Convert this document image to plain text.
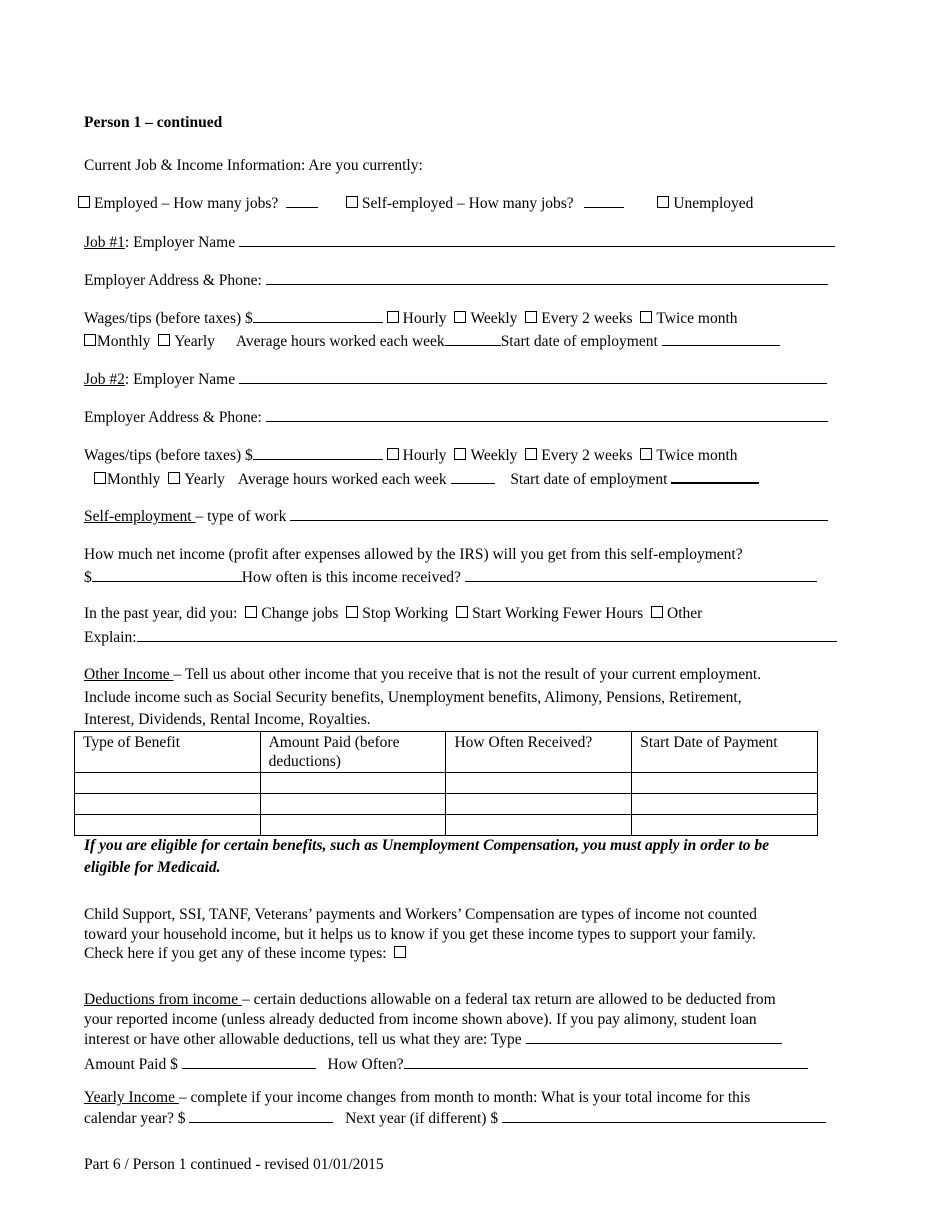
Person 1 – continued
Current Job & Income Information: Are you currently:
Employed – How many jobs?	Self-employed – How many jobs?	Unemployed
Job #1: Employer Name
Employer Address & Phone:
Wages/tips (before taxes) $	Hourly Weekly Every 2 weeks Twice month
Monthly Yearly Average hours worked each week	Start date of employment
Job #2: Employer Name
Employer Address & Phone:
Wages/tips (before taxes) $	Hourly Weekly Every 2 weeks Twice month
Monthly Yearly Average hours worked each week	Start date of employment
Self-employment – type of work
How much net income (profit after expenses allowed by the IRS) will you get from this self-employment?
$	How often is this income received?
In the past year, did you: Change jobs Stop Working Start Working Fewer Hours Other
Explain:
Other Income – Tell us about other income that you receive that is not the result of your current employment.
Include income such as Social Security benefits, Unemployment benefits, Alimony, Pensions, Retirement,
Interest, Dividends, Rental Income, Royalties.
Type of Benefit	Amount Paid (before deductions)	How Often Received?	Start Date of Payment

If you are eligible for certain benefits, such as Unemployment Compensation, you must apply in order to be
eligible for Medicaid.
Child Support, SSI, TANF, Veterans’ payments and Workers’ Compensation are types of income not counted
toward your household income, but it helps us to know if you get these income types to support your family.
Check here if you get any of these income types:
Deductions from income – certain deductions allowable on a federal tax return are allowed to be deducted from
your reported income (unless already deducted from income shown above). If you pay alimony, student loan
interest or have other allowable deductions, tell us what they are: Type
Amount Paid $	How Often?
Yearly Income – complete if your income changes from month to month: What is your total income for this
calendar year? $	Next year (if different) $
Part 6 / Person 1 continued - revised 01/01/2015
